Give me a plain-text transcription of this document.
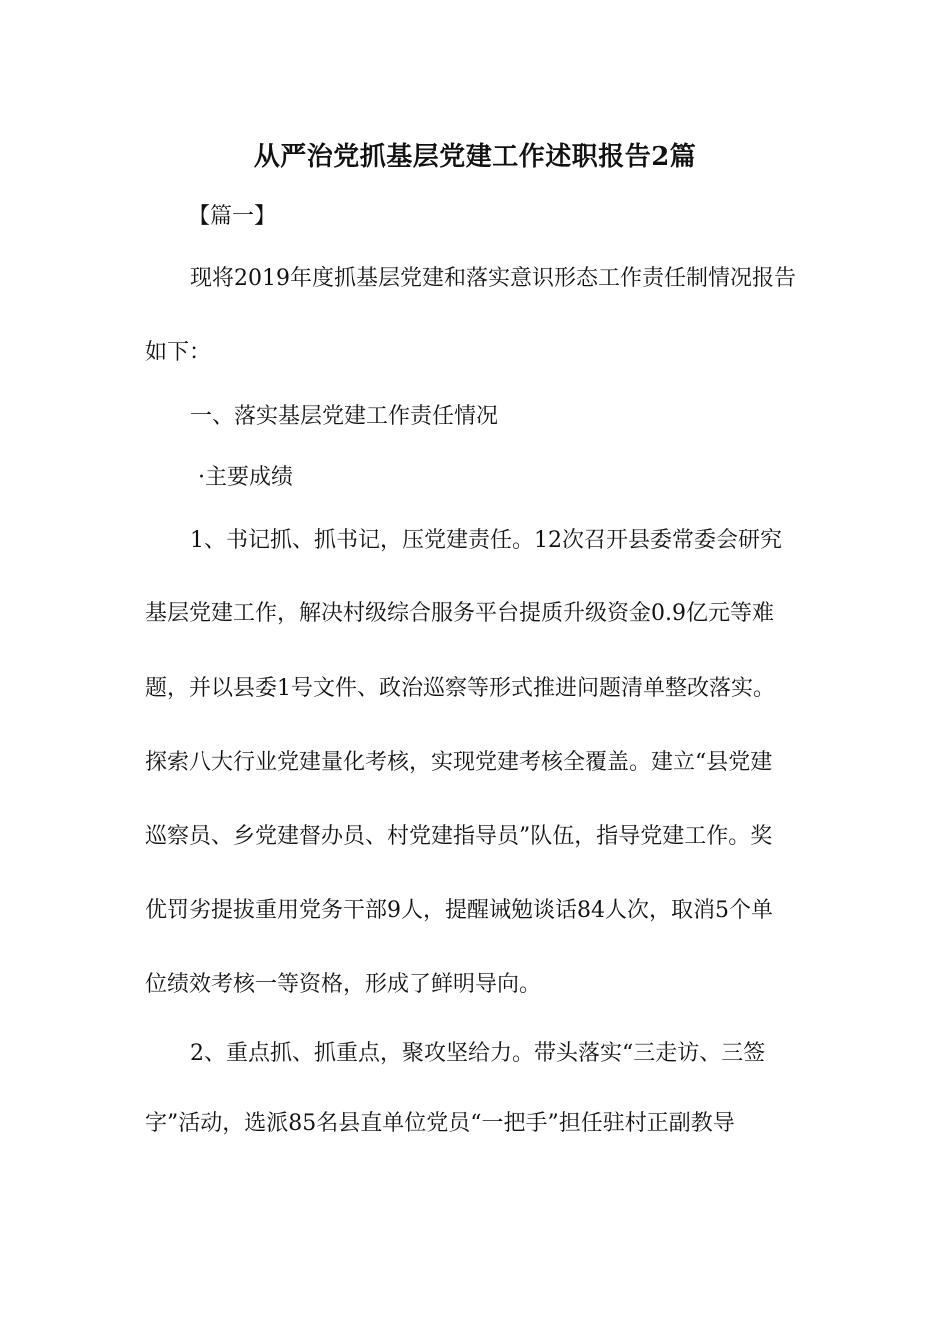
从严治党抓基层党建工作述职报告2篇
【篇一】
现将2019年度抓基层党建和落实意识形态工作责任制情况报告
如下：
一、落实基层党建工作责任情况
·主要成绩
1、书记抓、抓书记，压党建责任。12次召开县委常委会研究
基层党建工作，解决村级综合服务平台提质升级资金0.9亿元等难
题，并以县委1号文件、政治巡察等形式推进问题清单整改落实。
探索八大行业党建量化考核，实现党建考核全覆盖。建立“县党建
巡察员、乡党建督办员、村党建指导员”队伍，指导党建工作。奖
优罚劣提拔重用党务干部9人，提醒诫勉谈话84人次，取消5个单
位绩效考核一等资格，形成了鲜明导向。
2、重点抓、抓重点，聚攻坚给力。带头落实“三走访、三签
字”活动，选派85名县直单位党员“一把手”担任驻村正副教导
